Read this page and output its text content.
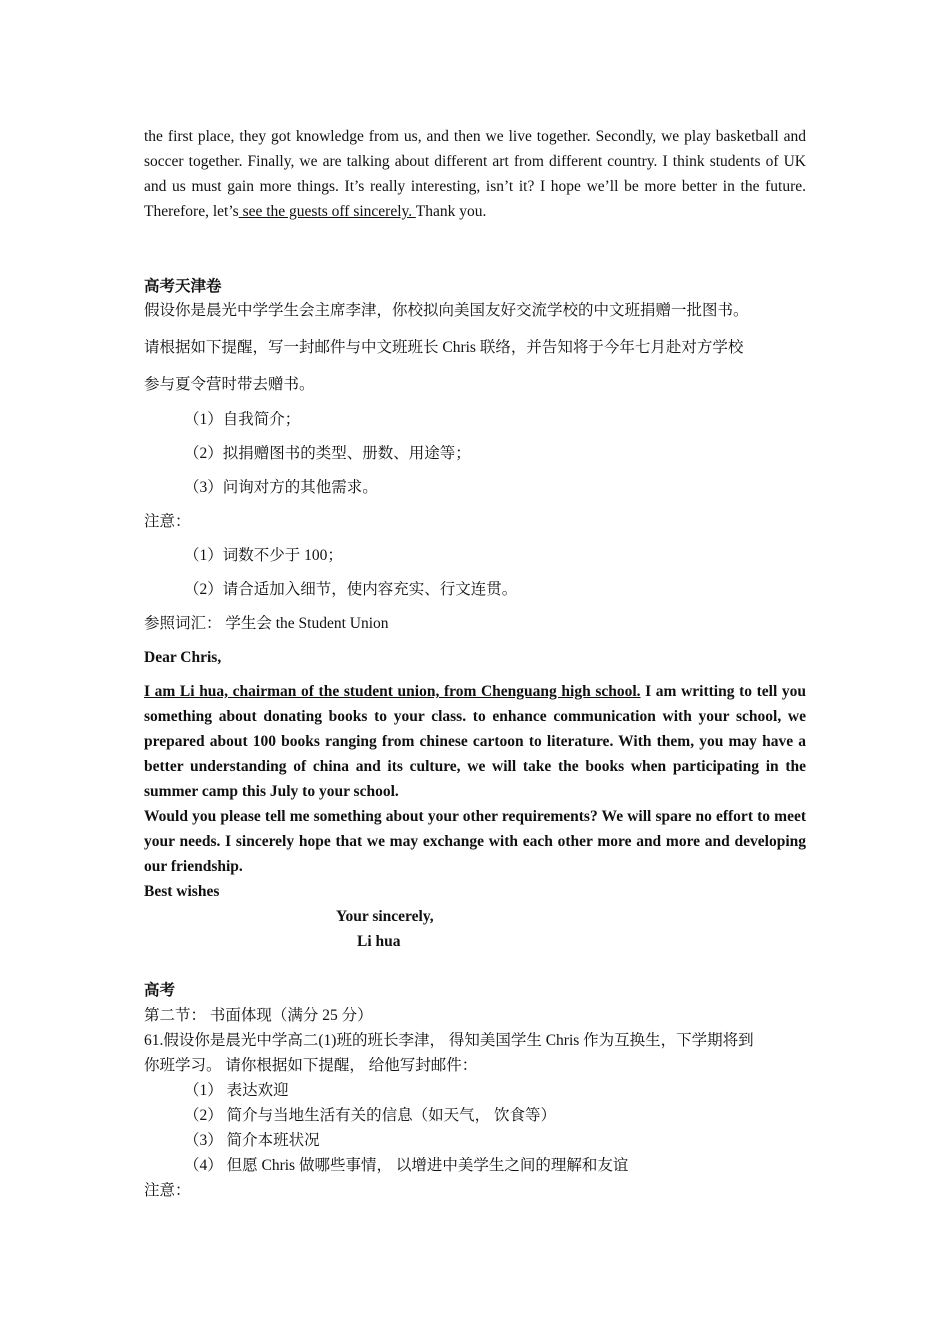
the first place, they got knowledge from us, and then we live together. Secondly, we play basketball and soccer together. Finally, we are talking about different art from different country. I think students of UK and us must gain more things. It’s really interesting, isn’t it? I hope we’ll be more better in the future. Therefore, let’s see the guests off sincerely. Thank you.
高考天津卷
假设你是晨光中学学生会主席李津，你校拟向美国友好交流学校的中文班捐赠一批图书。
请根据如下提醒，写一封邮件与中文班班长 Chris 联络，并告知将于今年七月赴对方学校
参与夏令营时带去赠书。
（1）自我简介；
（2）拟捐赠图书的类型、册数、用途等；
（3）问询对方的其他需求。
注意：
（1）词数不少于 100；
（2）请合适加入细节，使内容充实、行文连贯。
参照词汇： 学生会 the Student Union
Dear Chris,
I am Li hua, chairman of the student union, from Chenguang high school. I am writting to tell you something about donating books to your class. to enhance communication with your school, we prepared about 100 books ranging from chinese cartoon to literature. With them, you may have a better understanding of china and its culture, we will take the books when participating in the summer camp this July to your school.
Would you please tell me something about your other requirements? We will spare no effort to meet your needs. I sincerely hope that we may exchange with each other more and more and developing our friendship.
Best wishes
Your sincerely,
Li hua
高考
第二节： 书面体现（满分 25 分）
61.假设你是晨光中学高二(1)班的班长李津， 得知美国学生 Chris 作为互换生，下学期将到
你班学习。 请你根据如下提醒， 给他写封邮件：
（1） 表达欢迎
（2） 简介与当地生活有关的信息（如天气， 饮食等）
（3） 简介本班状况
（4） 但愿 Chris 做哪些事情， 以增进中美学生之间的理解和友谊
注意：
